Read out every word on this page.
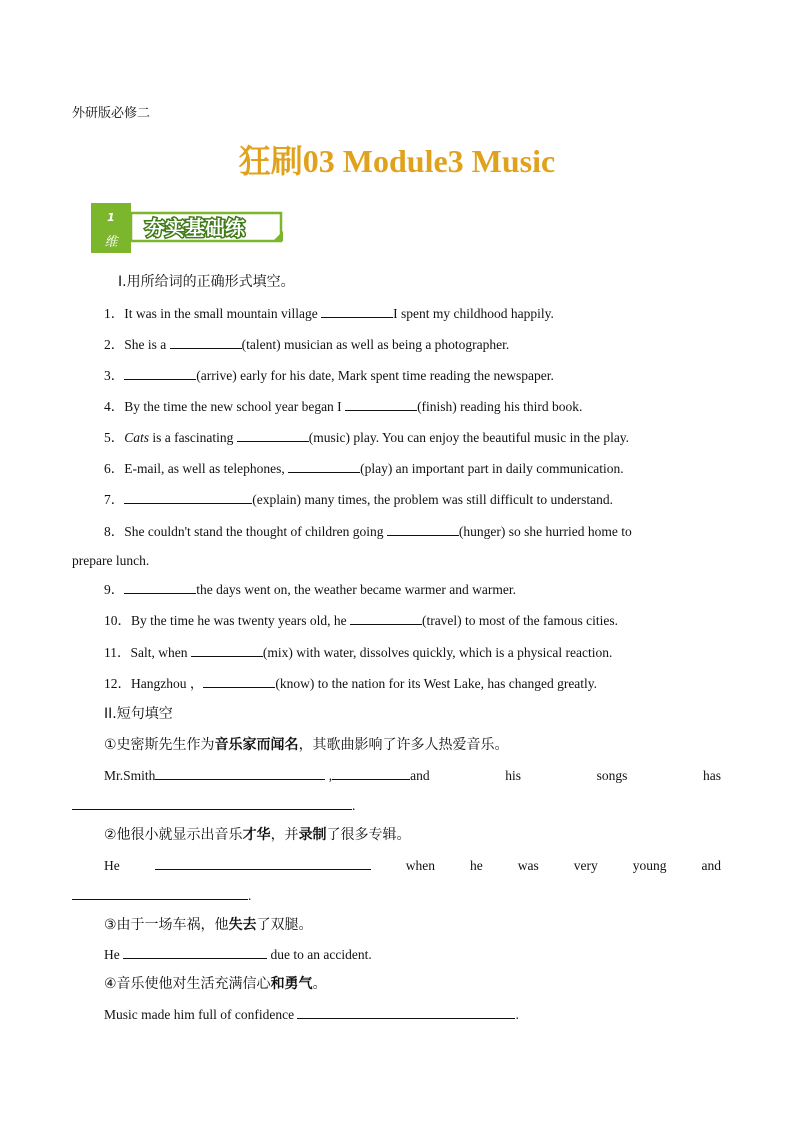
外研版必修二
狂刷03 Module3 Music
1
维
夯实基础练
Ⅰ.用所给词的正确形式填空。
1．It was in the small mountain village	I spent my childhood happily.
2．She is a	(talent) musician as well as being a photographer.
3．	(arrive) early for his date, Mark spent time reading the newspaper.
4．By the time the new school year began I	(finish) reading his third book.
5．Cats is a fascinating	(music) play. You can enjoy the beautiful music in the play.
6．E-mail, as well as telephones,	(play) an important part in daily communication.
7．	(explain) many times, the problem was still difficult to understand.
8．She couldn't stand the thought of children going	(hunger) so she hurried home to
prepare lunch.
9．	the days went on, the weather became warmer and warmer.
10．By the time he was twenty years old, he	(travel) to most of the famous cities.
11．Salt, when	(mix) with water, dissolves quickly, which is a physical reaction.
12．Hangzhou ，	(know) to the nation for its West Lake, has changed greatly.
II.短句填空
①史密斯先生作为音乐家而闻名，其歌曲影响了许多人热爱音乐。
Mr.Smith	,	and	his	songs	has
.
②他很小就显示出音乐才华，并录制了很多专辑。
He	when	he	was	very	young	and
.
③由于一场车祸，他失去了双腿。
He	due to an accident.
④音乐使他对生活充满信心和勇气。
Music made him full of confidence	.
